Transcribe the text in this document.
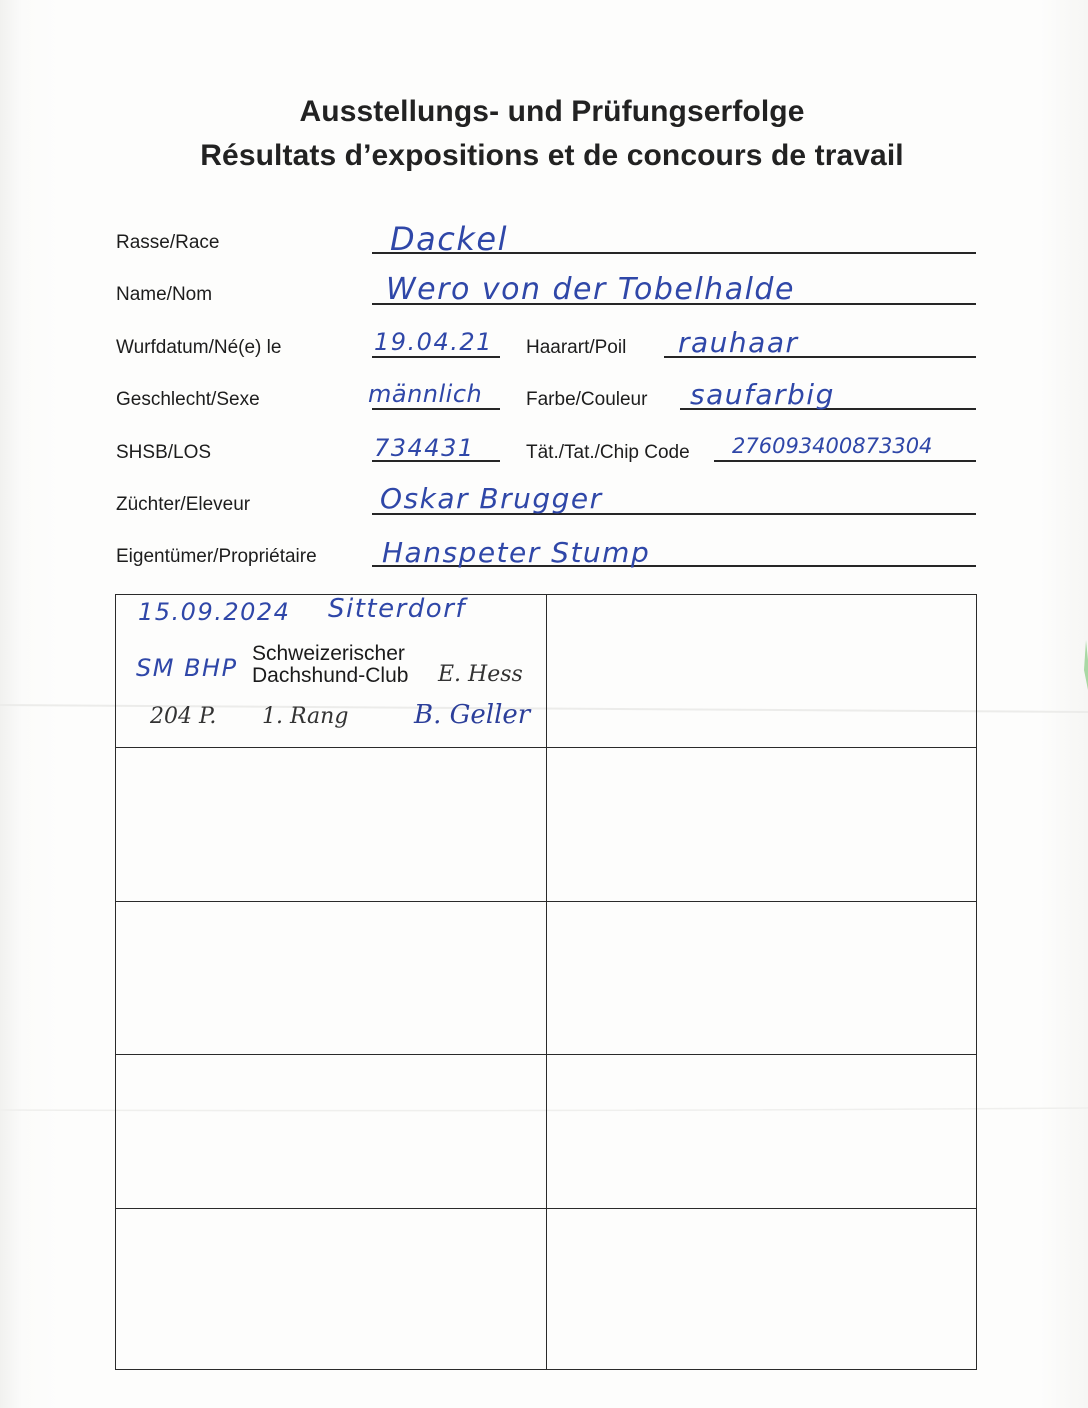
Ausstellungs- und Prüfungserfolge
Résultats d’expositions et de concours de travail
Rasse/Race	Dackel
Name/Nom	Wero von der Tobelhalde
Wurfdatum/Né(e) le	19.04.21 Haarart/Poil rauhaar
Geschlecht/Sexe	männlich Farbe/Couleur saufarbig
SHSB/LOS	734431	Tät./Tat./Chip Code 276093400873304
Züchter/Eleveur	Oskar Brugger
Eigentümer/Propriétaire Hanspeter Stump
15.09.2024 Sitterdorf
SM BHP
Schweizerischer Dachshund-Club	E. Hess
204 P. 1. Rang	B. Geller
